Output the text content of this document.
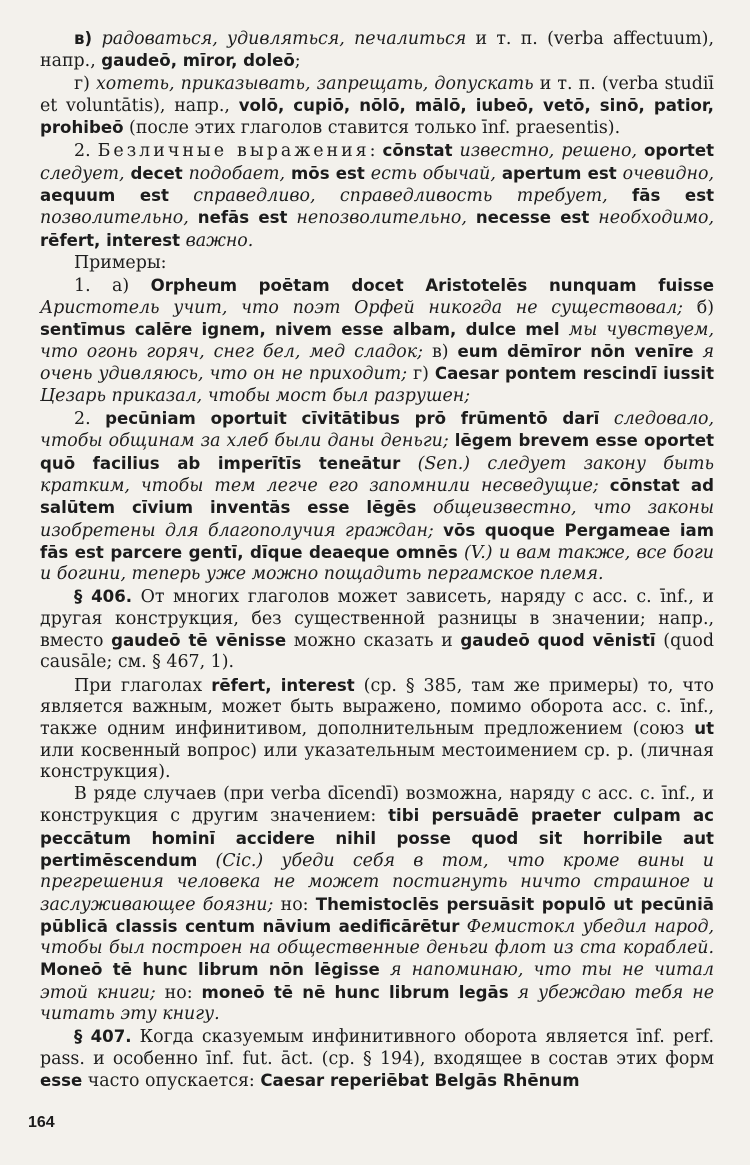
в) радоваться, удивляться, печалиться и т. п. (verba affectuum), напр., gaudeō, mīror, doleō;

г) хотеть, приказывать, запрещать, допускать и т. п. (verba studiī et voluntātis), напр., volō, cupiō, nōlō, mālō, iubeō, vetō, sinō, patior, prohibeō (после этих глаголов ставится только īnf. praesentis).

2. Безличные выражения: cōnstat известно, решено, oportet следует, decet подобает, mōs est есть обычай, apertum est очевидно, aequum est справедливо, справедливость требует, fās est позволительно, nefās est непозволительно, necesse est необходимо, rēfert, interest важно.

Примеры:

1. а) Orpheum poētam docet Aristotelēs nunquam fuisse Аристотель учит, что поэт Орфей никогда не существовал; б) sentīmus calēre ignem, nivem esse albam, dulce mel мы чувствуем, что огонь горяч, снег бел, мед сладок; в) eum dēmīror nōn venīre я очень удивляюсь, что он не приходит; г) Caesar pontem rescindī iussit Цезарь приказал, чтобы мост был разрушен;

2. pecūniam oportuit cīvitātibus prō frūmentō darī следовало, чтобы общинам за хлеб были даны деньги; lēgem brevem esse oportet quō facilius ab imperītīs teneātur (Sen.) следует закону быть кратким, чтобы тем легче его запомнили несведущие; cōnstat ad salūtem cīvium inventās esse lēgēs общеизвестно, что законы изобретены для благополучия граждан; vōs quoque Pergameae iam fās est parcere gentī, dīque deaeque omnēs (V.) и вам также, все боги и богини, теперь уже можно пощадить пергамское племя.

§ 406. От многих глаголов может зависеть, наряду с acc. c. īnf., и другая конструкция, без существенной разницы в значении; напр., вместо gaudeō tē vēnisse можно сказать и gaudeō quod vēnistī (quod causāle; см. § 467, 1).

При глаголах rēfert, interest (ср. § 385, там же примеры) то, что является важным, может быть выражено, помимо оборота acc. c. īnf., также одним инфинитивом, дополнительным предложением (союз ut или косвенный вопрос) или указательным местоимением ср. р. (личная конструкция).

В ряде случаев (при verba dīcendī) возможна, наряду с acc. c. īnf., и конструкция с другим значением: tibi persuādē praeter culpam ac peccātum hominī accidere nihil posse quod sit horribile aut pertimēscendum (Cic.) убеди себя в том, что кроме вины и прегрешения человека не может постигнуть ничто страшное и заслуживающее боязни; но: Themistoclēs persuāsit populō ut pecūniā pūblicā classis centum nāvium aedificārētur Фемистокл убедил народ, чтобы был построен на общественные деньги флот из ста кораблей. Moneō tē hunc librum nōn lēgisse я напоминаю, что ты не читал этой книги; но: moneō tē nē hunc librum legās я убеждаю тебя не читать эту книгу.

§ 407. Когда сказуемым инфинитивного оборота является īnf. perf. pass. и особенно īnf. fut. āct. (ср. § 194), входящее в состав этих форм esse часто опускается: Caesar reperiēbat Belgās Rhēnum

164
